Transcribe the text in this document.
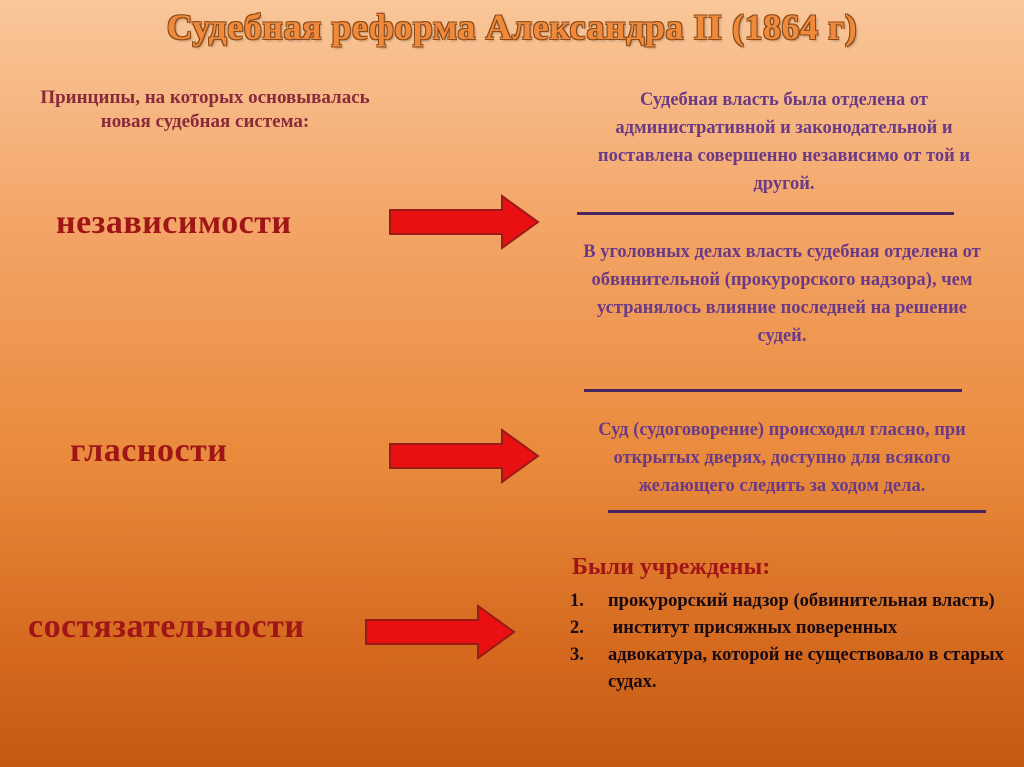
Судебная реформа Александра II (1864 г)
Принципы, на которых основывалась новая судебная система:
независимости
гласности
состязательности
Судебная власть была отделена от административной и законодательной и поставлена совершенно независимо от той и другой.
В уголовных делах власть судебная отделена от обвинительной (прокурорского надзора), чем устранялось влияние последней на решение судей.
Суд (судоговорение) происходил гласно, при открытых дверях, доступно для всякого желающего следить за ходом дела.
Были учреждены:
1.	прокурорский надзор (обвинительная власть)
2.	институт присяжных поверенных
3.	адвокатура, которой не существовало в старых судах.
